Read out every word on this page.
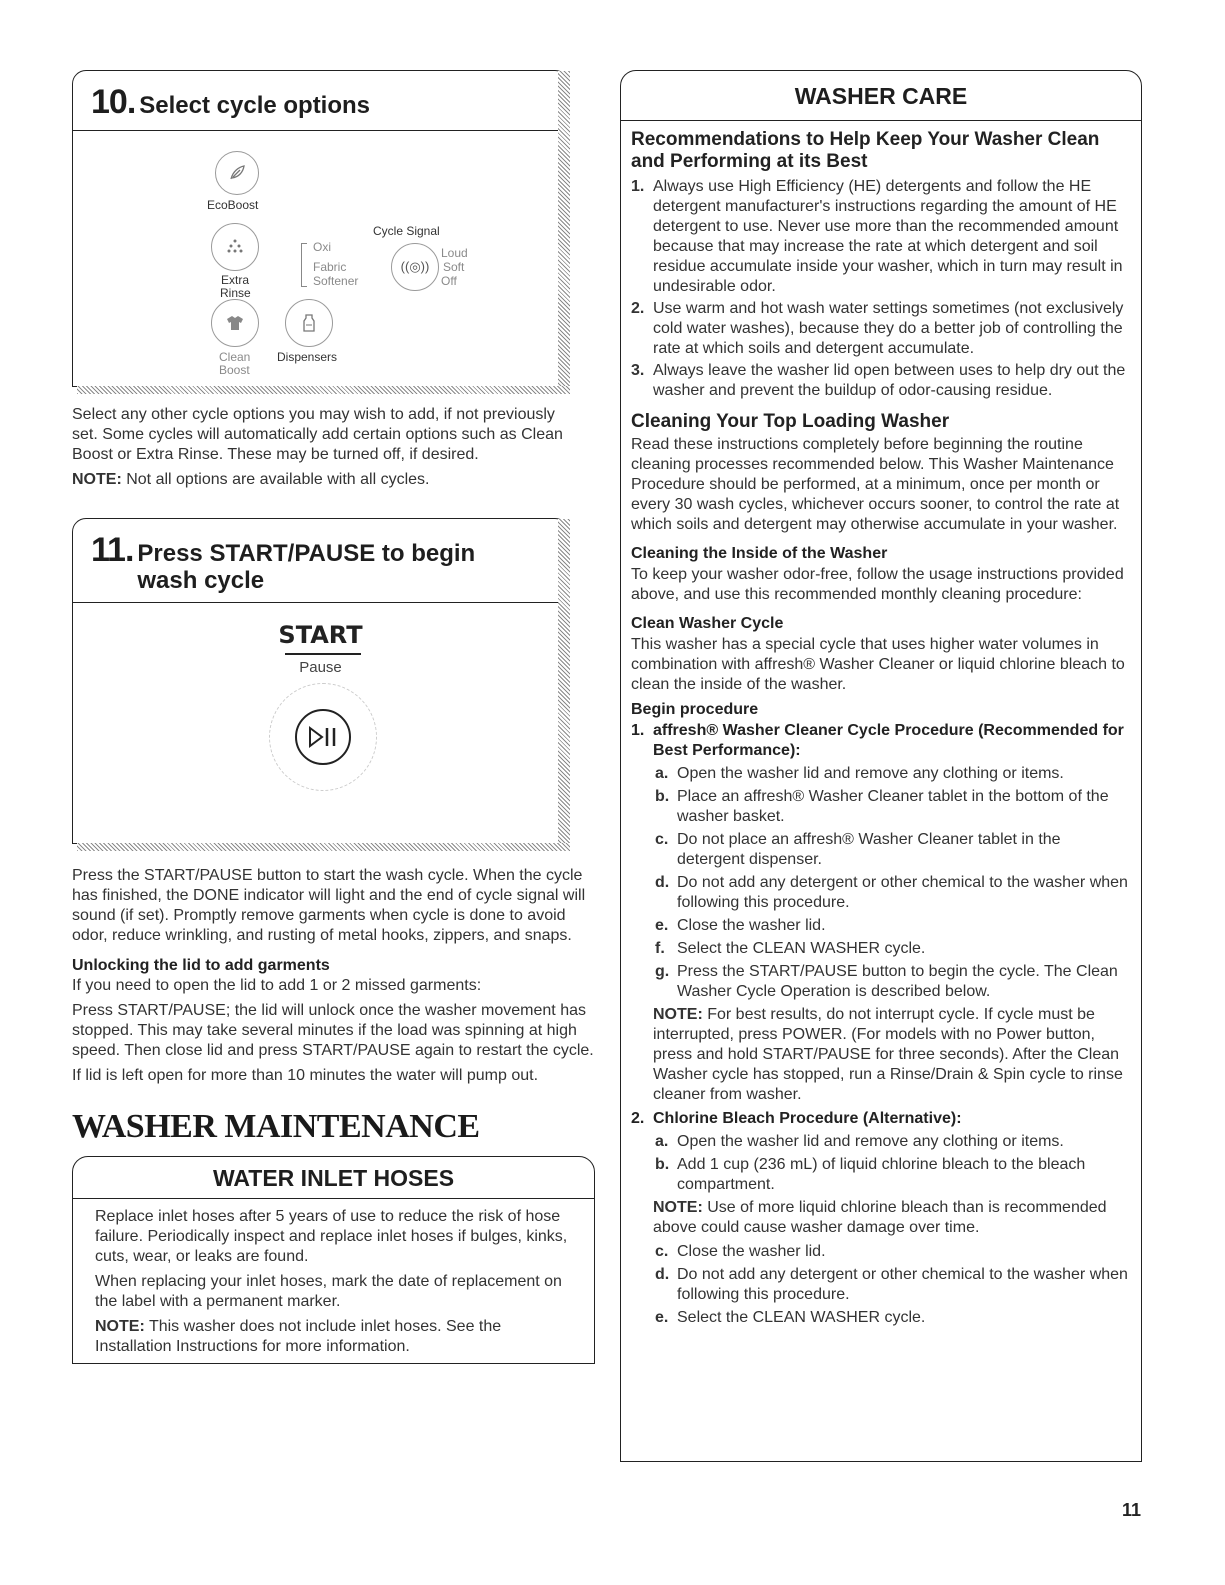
10. Select cycle options
EcoBoost
Extra
Rinse
Oxi
Fabric
Softener
Cycle Signal
((◎))
Loud
Soft
Off
Clean
Boost
Dispensers

Select any other cycle options you may wish to add, if not previously set. Some cycles will automatically add certain options such as Clean Boost or Extra Rinse. These may be turned off, if desired.

NOTE: Not all options are available with all cycles.

11. Press START/PAUSE to begin
wash cycle
START
Pause

Press the START/PAUSE button to start the wash cycle. When the cycle has finished, the DONE indicator will light and the end of cycle signal will sound (if set). Promptly remove garments when cycle is done to avoid odor, reduce wrinkling, and rusting of metal hooks, zippers, and snaps.

Unlocking the lid to add garments

If you need to open the lid to add 1 or 2 missed garments:

Press START/PAUSE; the lid will unlock once the washer movement has stopped. This may take several minutes if the load was spinning at high speed. Then close lid and press START/PAUSE again to restart the cycle.

If lid is left open for more than 10 minutes the water will pump out.

WASHER MAINTENANCE
WATER INLET HOSES

Replace inlet hoses after 5 years of use to reduce the risk of hose failure. Periodically inspect and replace inlet hoses if bulges, kinks, cuts, wear, or leaks are found.

When replacing your inlet hoses, mark the date of replacement on the label with a permanent marker.

NOTE: This washer does not include inlet hoses. See the Installation Instructions for more information.

WASHER CARE
Recommendations to Help Keep Your Washer Clean and Performing at its Best
1. Always use High Efficiency (HE) detergents and follow the HE detergent manufacturer's instructions regarding the amount of HE detergent to use. Never use more than the recommended amount because that may increase the rate at which detergent and soil residue accumulate inside your washer, which in turn may result in undesirable odor.
2. Use warm and hot wash water settings sometimes (not exclusively cold water washes), because they do a better job of controlling the rate at which soils and detergent accumulate.
3. Always leave the washer lid open between uses to help dry out the washer and prevent the buildup of odor-causing residue.
Cleaning Your Top Loading Washer

Read these instructions completely before beginning the routine cleaning processes recommended below. This Washer Maintenance Procedure should be performed, at a minimum, once per month or every 30 wash cycles, whichever occurs sooner, to control the rate at which soils and detergent may otherwise accumulate in your washer.

Cleaning the Inside of the Washer

To keep your washer odor-free, follow the usage instructions provided above, and use this recommended monthly cleaning procedure:

Clean Washer Cycle

This washer has a special cycle that uses higher water volumes in combination with affresh® Washer Cleaner or liquid chlorine bleach to clean the inside of the washer.

Begin procedure
1. affresh® Washer Cleaner Cycle Procedure (Recommended for Best Performance):
a. Open the washer lid and remove any clothing or items.
b. Place an affresh® Washer Cleaner tablet in the bottom of the washer basket.
c. Do not place an affresh® Washer Cleaner tablet in the detergent dispenser.
d. Do not add any detergent or other chemical to the washer when following this procedure.
e. Close the washer lid.
f. Select the CLEAN WASHER cycle.
g. Press the START/PAUSE button to begin the cycle. The Clean Washer Cycle Operation is described below.
NOTE: For best results, do not interrupt cycle. If cycle must be interrupted, press POWER. (For models with no Power button, press and hold START/PAUSE for three seconds). After the Clean Washer cycle has stopped, run a Rinse/Drain & Spin cycle to rinse cleaner from washer.
2. Chlorine Bleach Procedure (Alternative):
a. Open the washer lid and remove any clothing or items.
b. Add 1 cup (236 mL) of liquid chlorine bleach to the bleach compartment.
NOTE: Use of more liquid chlorine bleach than is recommended above could cause washer damage over time.
c. Close the washer lid.
d. Do not add any detergent or other chemical to the washer when following this procedure.
e. Select the CLEAN WASHER cycle.
11
